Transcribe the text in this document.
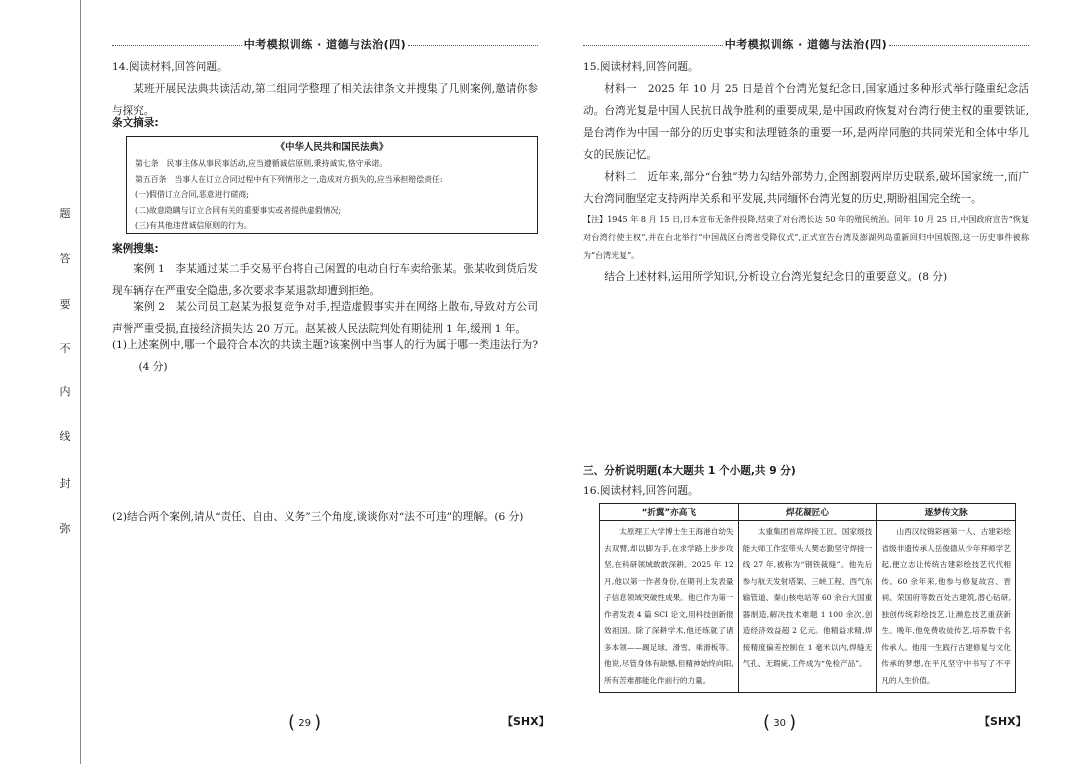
弥
封
线
内
不
要
答
题
中考模拟训练 · 道德与法治(四)
14.阅读材料,回答问题。
某班开展民法典共读活动,第二组同学整理了相关法律条文并搜集了几则案例,邀请你参与探究。
条文摘录:
《中华人民共和国民法典》
第七条　民事主体从事民事活动,应当遵循诚信原则,秉持诚实,恪守承诺。
第五百条　当事人在订立合同过程中有下列情形之一,造成对方损失的,应当承担赔偿责任:
(一)假借订立合同,恶意进行磋商;
(二)故意隐瞒与订立合同有关的重要事实或者提供虚假情况;
(三)有其他违背诚信原则的行为。
案例搜集:
案例 1　李某通过某二手交易平台将自己闲置的电动自行车卖给张某。张某收到货后发现车辆存在严重安全隐患,多次要求李某退款却遭到拒绝。
案例 2　某公司员工赵某为报复竞争对手,捏造虚假事实并在网络上散布,导致对方公司声誉严重受损,直接经济损失达 20 万元。赵某被人民法院判处有期徒刑 1 年,缓刑 1 年。
(1)上述案例中,哪一个最符合本次的共读主题?该案例中当事人的行为属于哪一类违法行为?(4 分)
(2)结合两个案例,请从“责任、自由、义务”三个角度,谈谈你对“法不可违”的理解。(6 分)
( 29 )	【SHX】
中考模拟训练 · 道德与法治(四)
15.阅读材料,回答问题。
材料一　2025 年 10 月 25 日是首个台湾光复纪念日,国家通过多种形式举行隆重纪念活动。台湾光复是中国人民抗日战争胜利的重要成果,是中国政府恢复对台湾行使主权的重要铁证,是台湾作为中国一部分的历史事实和法理链条的重要一环,是两岸同胞的共同荣光和全体中华儿女的民族记忆。
材料二　近年来,部分“台独”势力勾结外部势力,企图割裂两岸历史联系,破坏国家统一,而广大台湾同胞坚定支持两岸关系和平发展,共同缅怀台湾光复的历史,期盼祖国完全统一。
【注】1945 年 8 月 15 日,日本宣布无条件投降,结束了对台湾长达 50 年的殖民统治。同年 10 月 25 日,中国政府宣告“恢复对台湾行使主权”,并在台北举行“中国战区台湾省受降仪式”,正式宣告台湾及澎湖列岛重新回归中国版图,这一历史事件被称为“台湾光复”。
结合上述材料,运用所学知识,分析设立台湾光复纪念日的重要意义。(8 分)
三、分析说明题(本大题共 1 个小题,共 9 分)
16.阅读材料,回答问题。
“折翼”亦高飞	焊花凝匠心	逐梦传文脉

太原理工大学博士生王海港自幼失去双臂,却以脚为手,在求学路上步步攻坚,在科研领域敢敢深耕。2025 年 12 月,他以第一作者身份,在期刊上发表量子信息领域突破性成果。他已作为第一作者发表 4 篇 SCI 论文,用科技创新报效祖国。除了深耕学术,他还练就了诸多本领——踢足球、滑雪、乘滑板等。他说,尽管身体有缺憾,但精神始终向阳,所有苦难都能化作前行的力量。	太重集团首席焊接工匠、国家级技能大师工作室带头人樊志勤坚守焊接一线 27 年,被称为“钢铁裁缝”。他先后参与航天发射塔架、三峡工程、西气东输管道、秦山核电站等 60 余台大国重器制造,解决技术难题 1 100 余次,创造经济效益超 2 亿元。他精益求精,焊接精度偏差控制在 1 毫米以内,焊缝无气孔、无瑕疵,工件成为“免检产品”。	山西汉纹锦彩画第一人、古建彩绘省级非遗传承人岳俊德从少年拜师学艺起,便立志让传统古建彩绘技艺代代相传。60 余年来,他参与修复故宫、晋祠、荣国府等数百处古建筑,潜心钻研,独创传统彩绘技艺,让濒危技艺重获新生。晚年,他免费收徒传艺,培养数千名传承人。他用一生践行古建修复与文化传承的梦想,在平凡坚守中书写了不平凡的人生价值。
( 30 )	【SHX】
